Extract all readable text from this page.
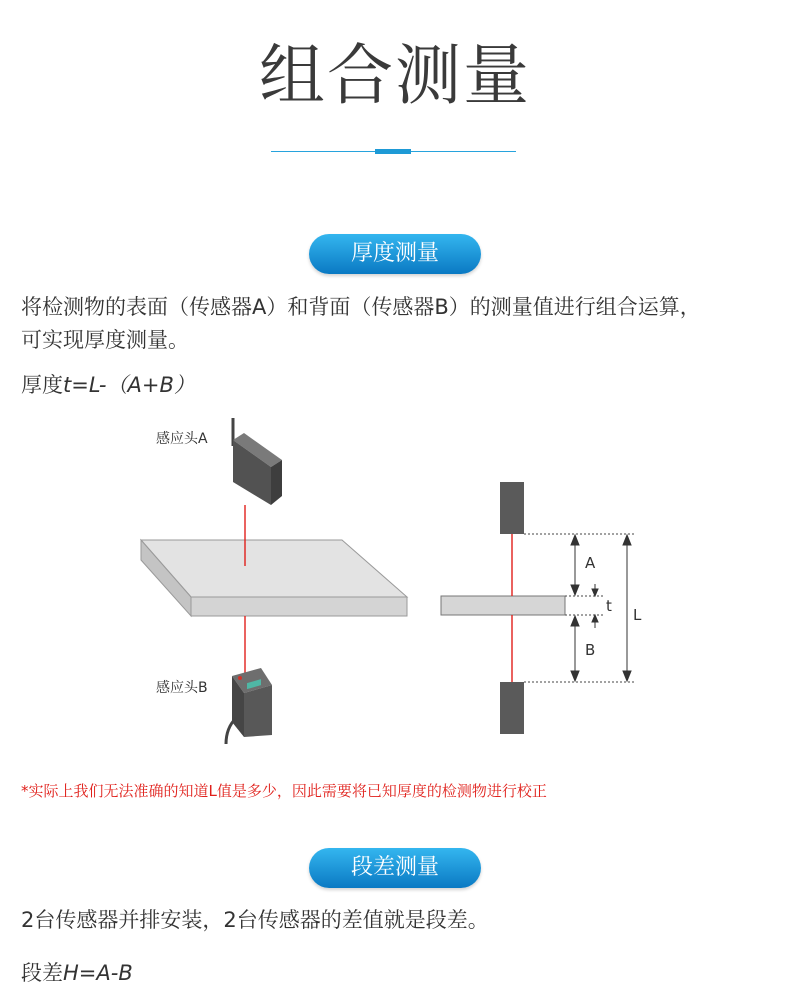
组合测量
厚度测量
将检测物的表面（传感器A）和背面（传感器B）的测量值进行组合运算，
可实现厚度测量。
厚度t=L-（A+B）
感应头A
感应头B
A
t
B
L
*实际上我们无法准确的知道L值是多少，因此需要将已知厚度的检测物进行校正
段差测量
2台传感器并排安装，2台传感器的差值就是段差。
段差H=A-B
